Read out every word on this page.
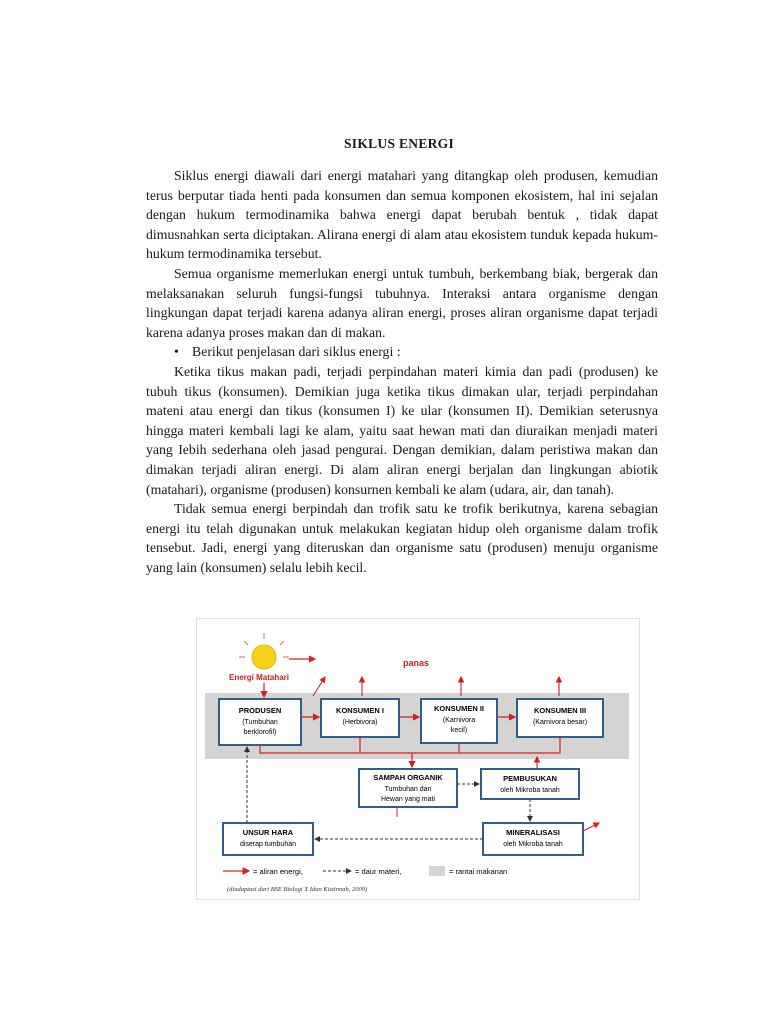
SIKLUS ENERGI

Siklus energi diawali dari energi matahari yang ditangkap oleh produsen, kemudian terus berputar tiada henti pada konsumen dan semua komponen ekosistem, hal ini sejalan dengan hukum termodinamika bahwa energi dapat berubah bentuk , tidak dapat dimusnahkan serta diciptakan. Alirana energi di alam atau ekosistem tunduk kepada hukum-hukum termodinamika tersebut.

Semua organisme memerlukan energi untuk tumbuh, berkembang biak, bergerak dan melaksanakan seluruh fungsi-fungsi tubuhnya. Interaksi antara organisme dengan lingkungan dapat terjadi karena adanya aliran energi, proses aliran organisme dapat terjadi karena adanya proses makan dan di makan.

• Berikut penjelasan dari siklus energi :

Ketika tikus makan padi, terjadi perpindahan materi kimia dan padi (produsen) ke tubuh tikus (konsumen). Demikian juga ketika tikus dimakan ular, terjadi perpindahan mateni atau energi dan tikus (konsumen I) ke ular (konsumen II). Demikian seterusnya hingga materi kembali lagi ke alam, yaitu saat hewan mati dan diuraikan menjadi materi yang Iebih sederhana oleh jasad pengurai. Dengan demikian, dalam peristiwa makan dan dimakan terjadi aliran energi. Di alam aliran energi berjalan dan lingkungan abiotik (matahari), organisme (produsen) konsurnen kembali ke alam (udara, air, dan tanah).

Tidak semua energi berpindah dan trofik satu ke trofik berikutnya, karena sebagian energi itu telah digunakan untuk melakukan kegiatan hidup oleh organisme dalam trofik tensebut. Jadi, energi yang diteruskan dan organisme satu (produsen) menuju organisme yang lain (konsumen) selalu lebih kecil.

Energi Matahari
panas
PRODUSEN
(Tumbuhan
berklorofil)
KONSUMEN I
(Herbivora)
KONSUMEN II
(Karnivora
kecil)
KONSUMEN III
(Karnivora besar)
SAMPAH ORGANIK
Tumbuhan dan
Hewan yang mati
PEMBUSUKAN
oleh Mikroba tanah
UNSUR HARA
diserap tumbuhan
MINERALISASI
oleh Mikroba tanah
= aliran energi,	= daur materi,	= rantai makanan
(diadaptasi dari BSE Biologi X Idun Kistinnah, 2009)
